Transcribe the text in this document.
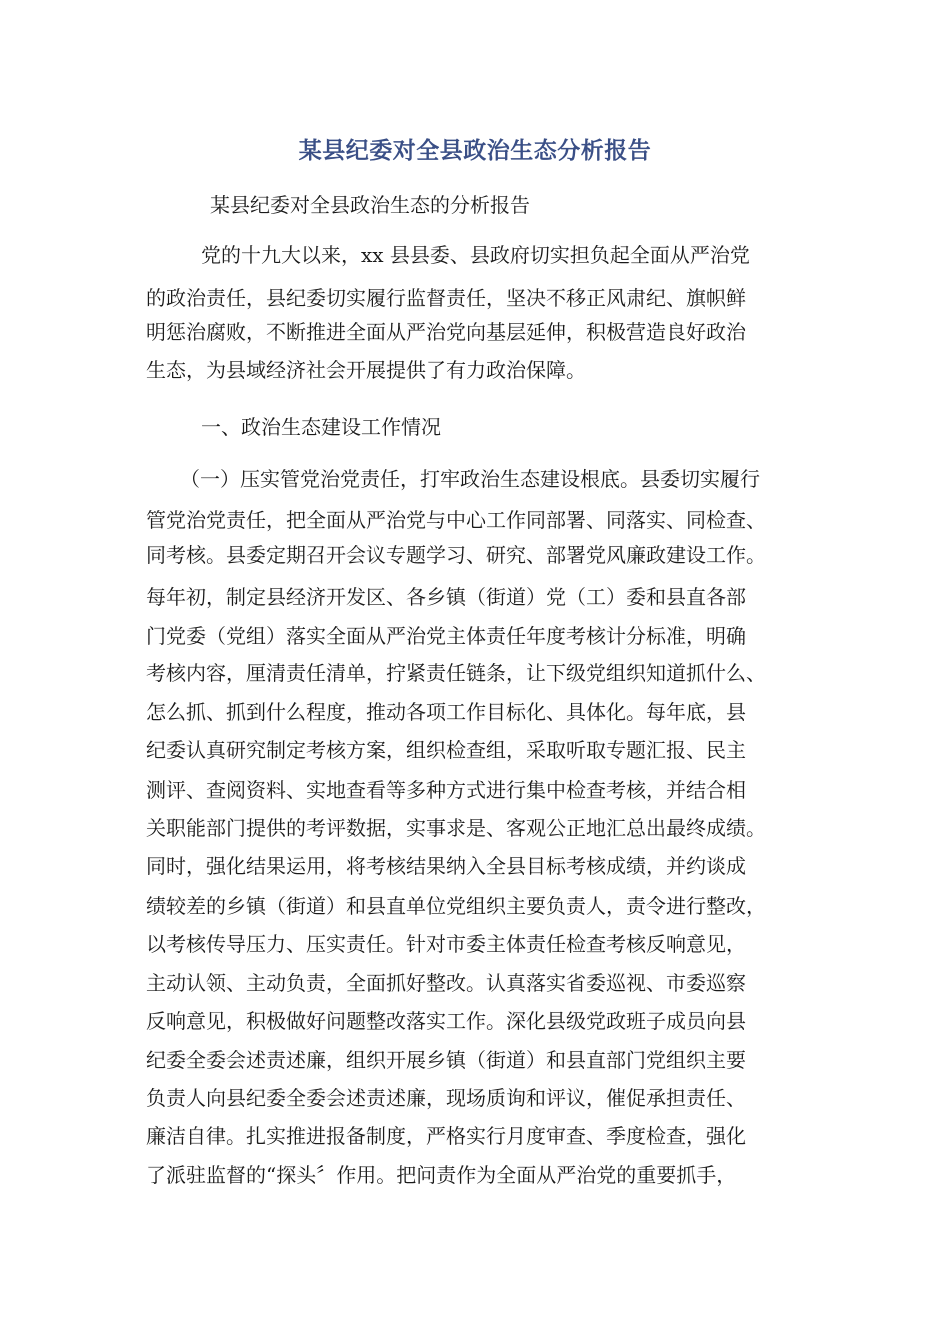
某县纪委对全县政治生态分析报告
某县纪委对全县政治生态的分析报告
党的十九大以来，xx 县县委、县政府切实担负起全面从严治党
的政治责任，县纪委切实履行监督责任，坚决不移正风肃纪、旗帜鲜
明惩治腐败，不断推进全面从严治党向基层延伸，积极营造良好政治
生态，为县域经济社会开展提供了有力政治保障。
一、政治生态建设工作情况
（一）压实管党治党责任，打牢政治生态建设根底。县委切实履行
管党治党责任，把全面从严治党与中心工作同部署、同落实、同检查、
同考核。县委定期召开会议专题学习、研究、部署党风廉政建设工作。
每年初，制定县经济开发区、各乡镇（街道）党（工）委和县直各部
门党委（党组）落实全面从严治党主体责任年度考核计分标准，明确
考核内容，厘清责任清单，拧紧责任链条，让下级党组织知道抓什么、
怎么抓、抓到什么程度，推动各项工作目标化、具体化。每年底，县
纪委认真研究制定考核方案，组织检查组，采取听取专题汇报、民主
测评、查阅资料、实地查看等多种方式进行集中检查考核，并结合相
关职能部门提供的考评数据，实事求是、客观公正地汇总出最终成绩。
同时，强化结果运用，将考核结果纳入全县目标考核成绩，并约谈成
绩较差的乡镇（街道）和县直单位党组织主要负责人，责令进行整改，
以考核传导压力、压实责任。针对市委主体责任检查考核反响意见，
主动认领、主动负责，全面抓好整改。认真落实省委巡视、市委巡察
反响意见，积极做好问题整改落实工作。深化县级党政班子成员向县
纪委全委会述责述廉，组织开展乡镇（街道）和县直部门党组织主要
负责人向县纪委全委会述责述廉，现场质询和评议，催促承担责任、
廉洁自律。扎实推进报备制度，严格实行月度审查、季度检查，强化
了派驻监督的“探头〞作用。把问责作为全面从严治党的重要抓手，
